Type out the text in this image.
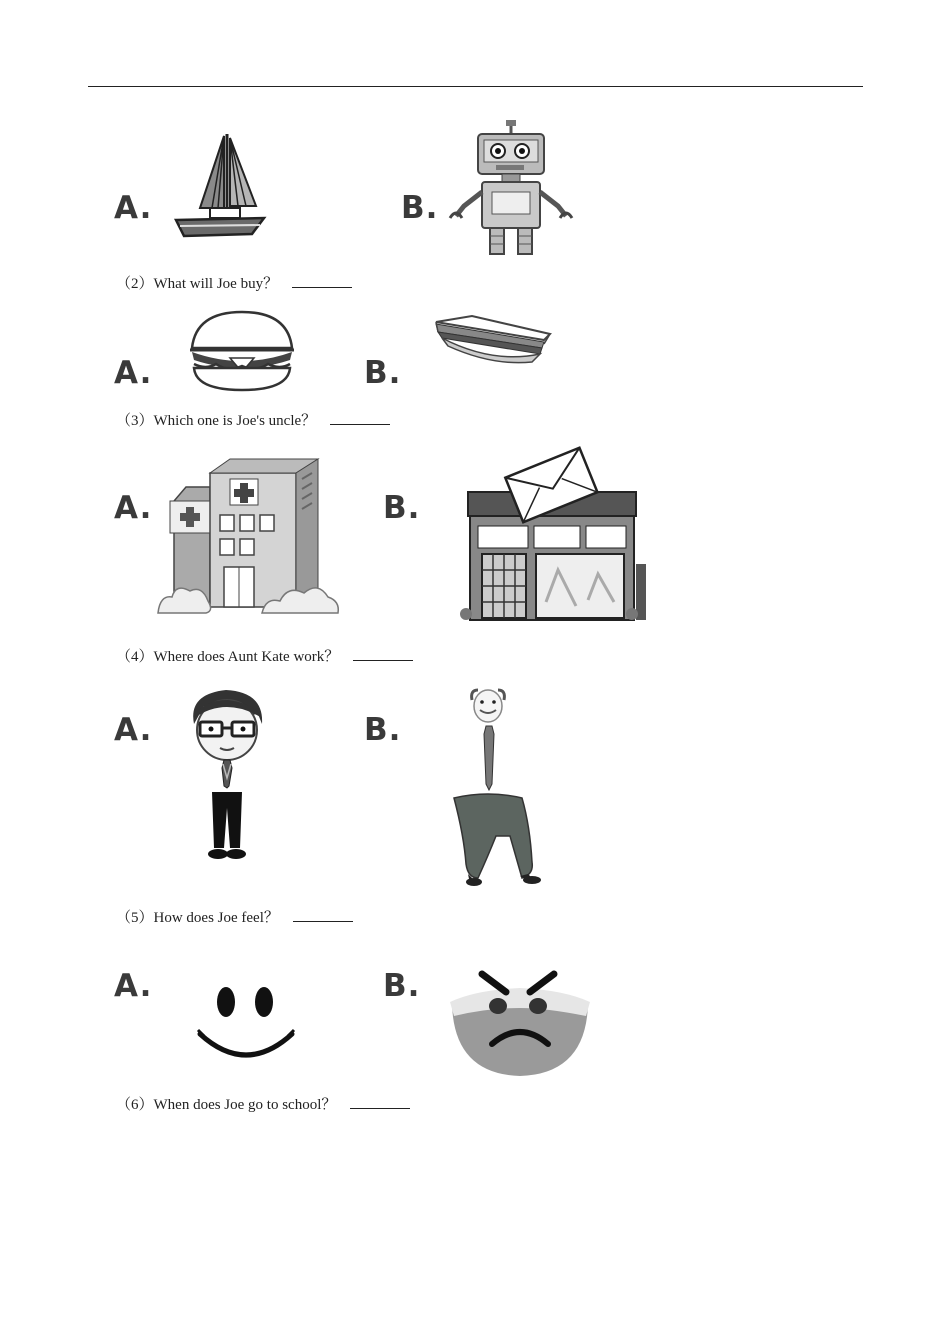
A.	B.
（2）What will Joe buy？
A.	B.
（3）Which one is Joe's uncle？
A.	B.
（4）Where does Aunt Kate work？
A.	B.
（5）How does Joe feel？
A.	B.
（6）When does Joe go to school？
